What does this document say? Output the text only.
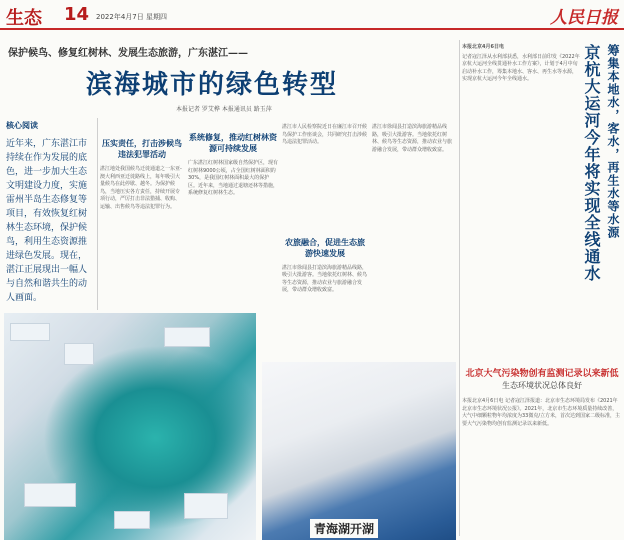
生态 14 2022年4月7日 星期四	人民日报
保护候鸟、修复红树林、发展生态旅游，广东湛江——
滨海城市的绿色转型
本报记者 罗艾桦 本报通讯员 路玉萍
核心阅读
近年来，广东湛江市持续在作为发展的底色，进一步加大生态文明建设力度，实施雷州半岛生态修复等项目，有效恢复红树林生态环境，保护候鸟，利用生态资源推进绿色发展。现在，湛江正展现出一幅人与自然和谐共生的动人画面。
压实责任，打击涉候鸟违法犯罪活动
湛江地处我国候鸟迁徙通道之一东亚-澳大利西亚迁徙路线上，每年吸引大量候鸟在此停歇、越冬。为保护候鸟，当地压实各方责任，持续开展专项行动，严厉打击非法猎捕、收购、运输、出售候鸟等违法犯罪行为。
系统修复，推动红树林资源可持续发展
广东湛江红树林国家级自然保护区，现有红树林9000公顷，占全国红树林面积的30%，是我国红树林面积最大的保护区。近年来，当地通过退塘还林等措施，系统修复红树林生态。
湛江市人民检察院近日在廉江市召开候鸟保护工作座谈会，共同研究打击涉候鸟违法犯罪活动。
农旅融合，促进生态旅游快速发展
湛江市徐闻县打造滨海旅游精品线路，吸引大批游客。当地依托红树林、候鸟等生态资源，推动农业与旅游融合发展，带动群众增收致富。
湛江市徐闻县打造滨海旅游精品线路，吸引大批游客。当地依托红树林、候鸟等生态资源，推动农业与旅游融合发展，带动群众增收致富。
青海湖开湖
本报北京4月6日电
记者寇江泽从水利部获悉，水利部日前印发《2022年京杭大运河全线贯通补水工作方案》，计划于4月中旬启动补水工作，筹集本地水、客水、再生水等水源，实现京杭大运河今年全线通水。	筹集本地水，客水，再生水等水源
京杭大运河今年将实现全线通水
北京大气污染物创有监测记录以来新低
生态环境状况总体良好
本报北京4月6日电 记者寇江泽报道：北京市生态环境局发布《2021年北京市生态环境状况公报》。2021年，北京市生态环境质量持续改善，大气中细颗粒物年均浓度为33微克/立方米，首次达到国家二级标准，主要大气污染物均创有监测记录以来新低。
